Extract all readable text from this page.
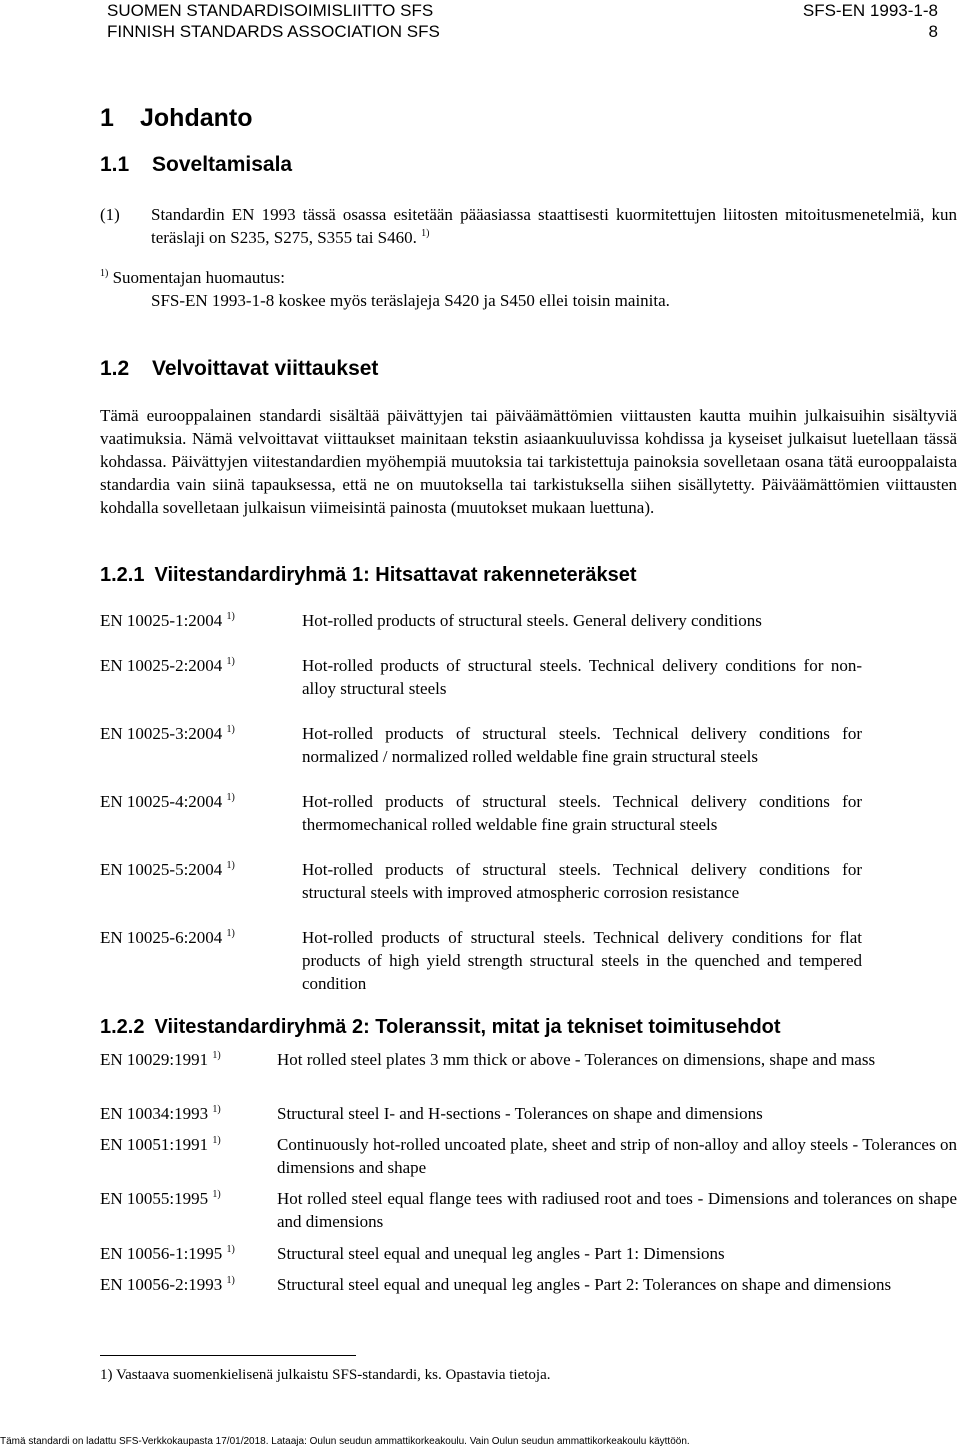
SUOMEN STANDARDISOIMISLIITTO SFS
FINNISH STANDARDS ASSOCIATION SFS
SFS-EN 1993-1-8
8
1 Johdanto
1.1 Soveltamisala
(1) Standardin EN 1993 tässä osassa esitetään pääasiassa staattisesti kuormitettujen liitosten mitoitusmenetelmiä, kun teräslaji on S235, S275, S355 tai S460. $^{1)}$
$^{1)}$ Suomentajan huomautus:
SFS-EN 1993-1-8 koskee myös teräslajeja S420 ja S450 ellei toisin mainita.
1.2 Velvoittavat viittaukset
Tämä eurooppalainen standardi sisältää päivättyjen tai päiväämättömien viittausten kautta muihin julkaisuihin sisältyviä vaatimuksia. Nämä velvoittavat viittaukset mainitaan tekstin asiaankuuluvissa kohdissa ja kyseiset julkaisut luetellaan tässä kohdassa. Päivättyjen viitestandardien myöhempiä muutoksia tai tarkistettuja painoksia sovelletaan osana tätä eurooppalaista standardia vain siinä tapauksessa, että ne on muutoksella tai tarkistuksella siihen sisällytetty. Päiväämättömien viittausten kohdalla sovelletaan julkaisun viimeisintä painosta (muutokset mukaan luettuna).
1.2.1 Viitestandardiryhmä 1: Hitsattavat rakenneteräkset
EN 10025-1:2004 $^{1)}$	Hot-rolled products of structural steels. General delivery conditions
EN 10025-2:2004 $^{1)}$	Hot-rolled products of structural steels. Technical delivery conditions for non-alloy structural steels
EN 10025-3:2004 $^{1)}$	Hot-rolled products of structural steels. Technical delivery conditions for normalized / normalized rolled weldable fine grain structural steels
EN 10025-4:2004 $^{1)}$	Hot-rolled products of structural steels. Technical delivery conditions for thermomechanical rolled weldable fine grain structural steels
EN 10025-5:2004 $^{1)}$	Hot-rolled products of structural steels. Technical delivery conditions for structural steels with improved atmospheric corrosion resistance
EN 10025-6:2004 $^{1)}$	Hot-rolled products of structural steels. Technical delivery conditions for flat products of high yield strength structural steels in the quenched and tempered condition
1.2.2 Viitestandardiryhmä 2: Toleranssit, mitat ja tekniset toimitusehdot
EN 10029:1991 $^{1)}$	Hot rolled steel plates 3 mm thick or above - Tolerances on dimensions, shape and mass
EN 10034:1993 $^{1)}$	Structural steel I- and H-sections - Tolerances on shape and dimensions
EN 10051:1991 $^{1)}$	Continuously hot-rolled uncoated plate, sheet and strip of non-alloy and alloy steels - Tolerances on dimensions and shape
EN 10055:1995 $^{1)}$	Hot rolled steel equal flange tees with radiused root and toes - Dimensions and tolerances on shape and dimensions
EN 10056-1:1995 $^{1)}$ Structural steel equal and unequal leg angles - Part 1: Dimensions
EN 10056-2:1993 $^{1)}$ Structural steel equal and unequal leg angles - Part 2: Tolerances on shape and dimensions
1) Vastaava suomenkielisenä julkaistu SFS-standardi, ks. Opastavia tietoja.
Tämä standardi on ladattu SFS-Verkkokaupasta 17/01/2018. Lataaja: Oulun seudun ammattikorkeakoulu. Vain Oulun seudun ammattikorkeakoulu käyttöön.
